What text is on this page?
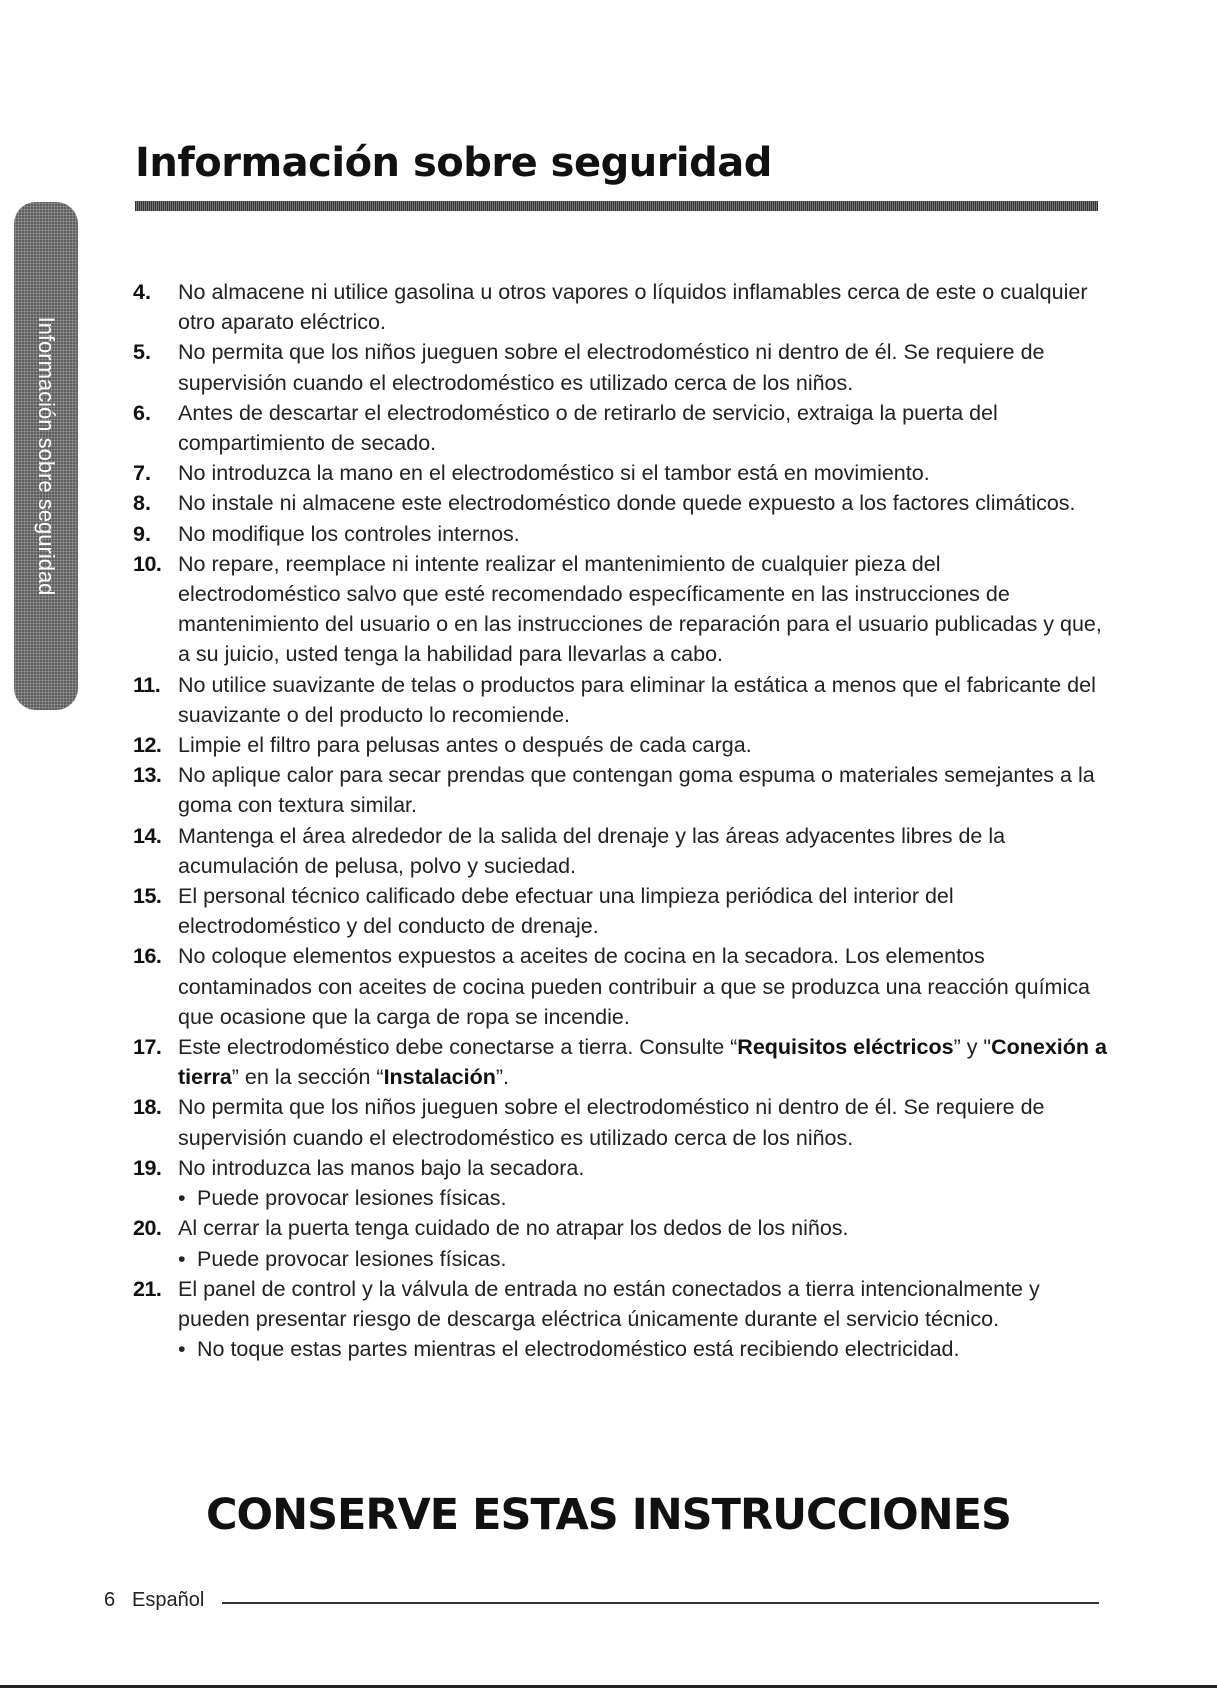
Información sobre seguridad
Información sobre seguridad
4. No almacene ni utilice gasolina u otros vapores o líquidos inflamables cerca de este o cualquier otro aparato eléctrico.
5. No permita que los niños jueguen sobre el electrodoméstico ni dentro de él. Se requiere de supervisión cuando el electrodoméstico es utilizado cerca de los niños.
6. Antes de descartar el electrodoméstico o de retirarlo de servicio, extraiga la puerta del compartimiento de secado.
7. No introduzca la mano en el electrodoméstico si el tambor está en movimiento.
8. No instale ni almacene este electrodoméstico donde quede expuesto a los factores climáticos.
9. No modifique los controles internos.
10. No repare, reemplace ni intente realizar el mantenimiento de cualquier pieza del electrodoméstico salvo que esté recomendado específicamente en las instrucciones de mantenimiento del usuario o en las instrucciones de reparación para el usuario publicadas y que, a su juicio, usted tenga la habilidad para llevarlas a cabo.
11. No utilice suavizante de telas o productos para eliminar la estática a menos que el fabricante del suavizante o del producto lo recomiende.
12. Limpie el filtro para pelusas antes o después de cada carga.
13. No aplique calor para secar prendas que contengan goma espuma o materiales semejantes a la goma con textura similar.
14. Mantenga el área alrededor de la salida del drenaje y las áreas adyacentes libres de la acumulación de pelusa, polvo y suciedad.
15. El personal técnico calificado debe efectuar una limpieza periódica del interior del electrodoméstico y del conducto de drenaje.
16. No coloque elementos expuestos a aceites de cocina en la secadora. Los elementos contaminados con aceites de cocina pueden contribuir a que se produzca una reacción química que ocasione que la carga de ropa se incendie.
17. Este electrodoméstico debe conectarse a tierra. Consulte “Requisitos eléctricos” y "Conexión a tierra” en la sección “Instalación”.
18. No permita que los niños jueguen sobre el electrodoméstico ni dentro de él. Se requiere de supervisión cuando el electrodoméstico es utilizado cerca de los niños.
19. No introduzca las manos bajo la secadora.
• Puede provocar lesiones físicas.
20. Al cerrar la puerta tenga cuidado de no atrapar los dedos de los niños.
• Puede provocar lesiones físicas.
21. El panel de control y la válvula de entrada no están conectados a tierra intencionalmente y pueden presentar riesgo de descarga eléctrica únicamente durante el servicio técnico.
• No toque estas partes mientras el electrodoméstico está recibiendo electricidad.
CONSERVE ESTAS INSTRUCCIONES
6 Español
